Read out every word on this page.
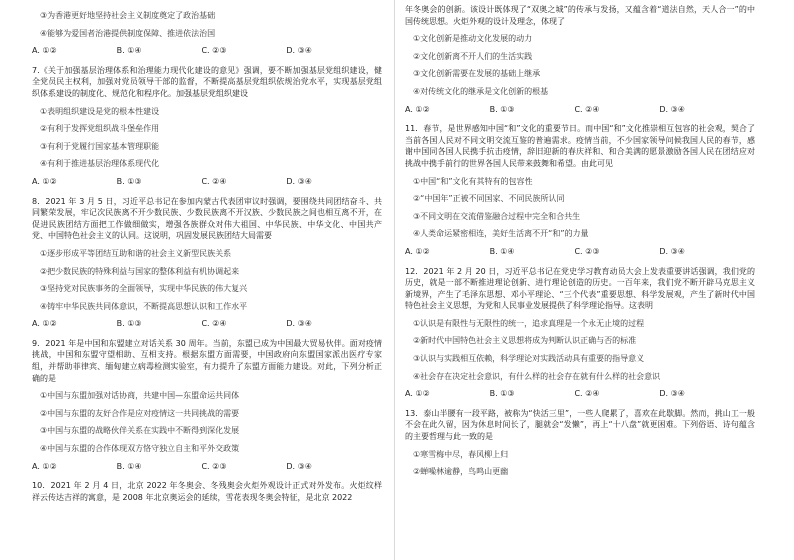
③为香港更好地坚持社会主义制度奠定了政治基础
④能够为爱国者治港提供制度保障、推进依法治国
A. ①②	B. ①④	C. ②③	D. ③④
7.《关于加强基层治理体系和治理能力现代化建设的意见》强调，要不断加强基层党组织建设，健全党员民主权利，加强对党员领导干部的监督，不断提高基层党组织依规治党水平，实现基层党组织体系建设的制度化、规范化和程序化。加强基层党组织建设
①表明组织建设是党的根本性建设
②有利于发挥党组织战斗堡垒作用
③有利于党履行国家基本管理职能
④有利于推进基层治理体系现代化
A. ①②	B. ①③	C. ②④	D. ③④
8．2021 年 3 月 5 日，习近平总书记在参加内蒙古代表团审议时强调，要围绕共同团结奋斗、共同繁荣发展，牢记次民族离不开少数民族、少数民族离不开汉族、少数民族之间也相互离不开，在促进民族团结方面把工作做细做实，增强各族群众对伟大祖国、中华民族、中华文化、中国共产党、中国特色社会主义的认同。这说明，巩固发展民族团结大局需要
①逐步形成平等团结互助和谐的社会主义新型民族关系
②把少数民族的特殊利益与国家的整体利益有机协调起来
③坚持党对民族事务的全面领导，实现中华民族的伟大复兴
④铸牢中华民族共同体意识，不断提高思想认识和工作水平
A. ①②	B. ①③	C. ②④	D. ③④
9．2021 年是中国和东盟建立对话关系 30 周年。当前，东盟已成为中国最大贸易伙伴。面对疫情挑战，中国和东盟守望相助、互相支持。根据东盟方面需要，中国政府向东盟国家派出医疗专家组，并帮助菲律宾、缅甸建立病毒检测实验室，有力提升了东盟方面能力建设。对此，下列分析正确的是
①中国与东盟加强对话协商，共建中国—东盟命运共同体
②中国与东盟的友好合作是应对疫情这一共同挑战的需要
③中国与东盟的战略伙伴关系在实践中不断得到深化发展
④中国与东盟的合作体现双方恪守独立自主和平外交政策
A. ①②	B. ①④	C. ②③	D. ③④
10．2021 年 2 月 4 日，北京 2022 年冬奥会、冬残奥会火炬外观设计正式对外发布。火炬纹样祥云传达吉祥的寓意，是 2008 年北京奥运会的延续，雪花表现冬奥会特征，是北京 2022
年冬奥会的创新。该设计既体现了“双奥之城”的传承与发扬，又蕴含着“道法自然，天人合一”的中国传统思想。火炬外观的设计及理念，体现了
①文化创新是推动文化发展的动力
②文化创新离不开人们的生活实践
③文化创新需要在发展的基础上继承
④对传统文化的继承是文化创新的根基
A. ①②	B. ①③	C. ②④	D. ③④
11．春节，是世界感知中国“和”文化的重要节日。而中国“和”文化推崇相互包容的社会观，契合了当前各国人民对不同文明交流互鉴的普遍需求。疫情当前，不少国家领导问候我国人民的春节，感谢中国同各国人民携手抗击疫情，辞旧迎新的春庆祥和、和合美满的愿景激励各国人民在团结应对挑战中携手前行的世界各国人民带来鼓舞和希望。由此可见
①中国“和”文化有其特有的包容性
②“中国年”正被不同国家、不同民族所认同
③不同文明在交流借鉴融合过程中完全和合共生
④人类命运紧密相连，美好生活离不开“和”的力量
A. ①②	B. ①④	C. ②③	D. ③④
12．2021 年 2 月 20 日，习近平总书记在党史学习教育动员大会上发表重要讲话强调，我们党的历史，就是一部不断推进理论创新、进行理论创造的历史。一百年来，我们党不断开辟马克思主义新境界，产生了毛泽东思想、邓小平理论、“三个代表”重要思想、科学发展观，产生了新时代中国特色社会主义思想，为党和人民事业发展提供了科学理论指导。这表明
①认识是有限性与无限性的统一，追求真理是一个永无止境的过程
②新时代中国特色社会主义思想将成为判断认识正确与否的标准
③认识与实践相互依赖，科学理论对实践活动具有重要的指导意义
④社会存在决定社会意识，有什么样的社会存在就有什么样的社会意识
A. ①②	B. ①③	C. ②④	D. ③④
13．泰山半腰有一段平路，被称为“快活三里”，一些人爬累了，喜欢在此歇脚。然而，挑山工一般不会在此久留，因为休息时间长了，腿就会“发懒”，再上“十八盘”就更困难。下列俗语、诗句蕴含的主要哲理与此一致的是
①寒雪梅中尽，春风柳上归
②蝉噪林逾静，鸟鸣山更幽
